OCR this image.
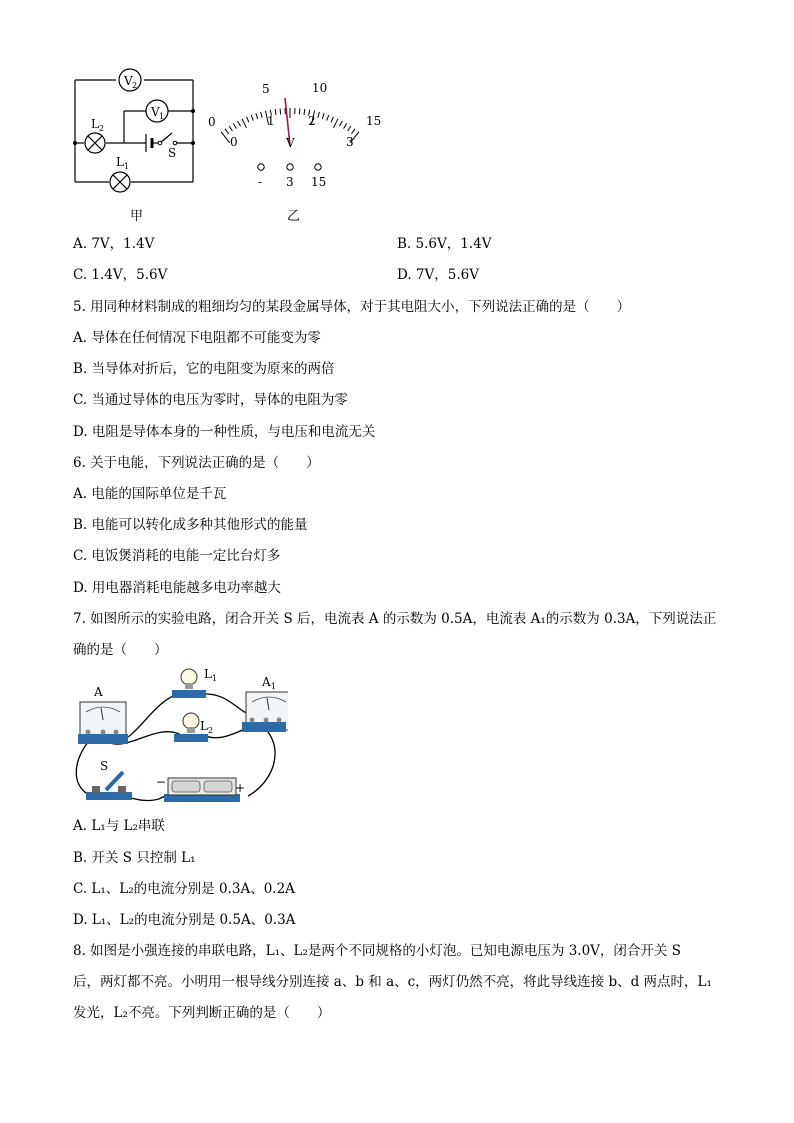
V 2
V 1
L 2
L 1
S
甲
0
5	10
15
0
1	2
3
V
- 3 15
乙
A. 7V，1.4V	B. 5.6V，1.4V
C. 1.4V，5.6V	D. 7V，5.6V
5. 用同种材料制成的粗细均匀的某段金属导体，对于其电阻大小，下列说法正确的是（　　）
A. 导体在任何情况下电阻都不可能变为零
B. 当导体对折后，它的电阻变为原来的两倍
C. 当通过导体的电压为零时，导体的电阻为零
D. 电阻是导体本身的一种性质，与电压和电流无关
6. 关于电能，下列说法正确的是（　　）
A. 电能的国际单位是千瓦
B. 电能可以转化成多种其他形式的能量
C. 电饭煲消耗的电能一定比台灯多
D. 用电器消耗电能越多电功率越大
7. 如图所示的实验电路，闭合开关 S 后，电流表 A 的示数为 0.5A，电流表 A₁的示数为 0.3A，下列说法正
确的是（　　）
A
A 1
L 1
L 2
S
−	+
A. L₁与 L₂串联
B. 开关 S 只控制 L₁
C. L₁、L₂的电流分别是 0.3A、0.2A
D. L₁、L₂的电流分别是 0.5A、0.3A
8. 如图是小强连接的串联电路，L₁、L₂是两个不同规格的小灯泡。已知电源电压为 3.0V，闭合开关 S
后，两灯都不亮。小明用一根导线分别连接 a、b 和 a、c，两灯仍然不亮，将此导线连接 b、d 两点时，L₁
发光，L₂不亮。下列判断正确的是（　　）
